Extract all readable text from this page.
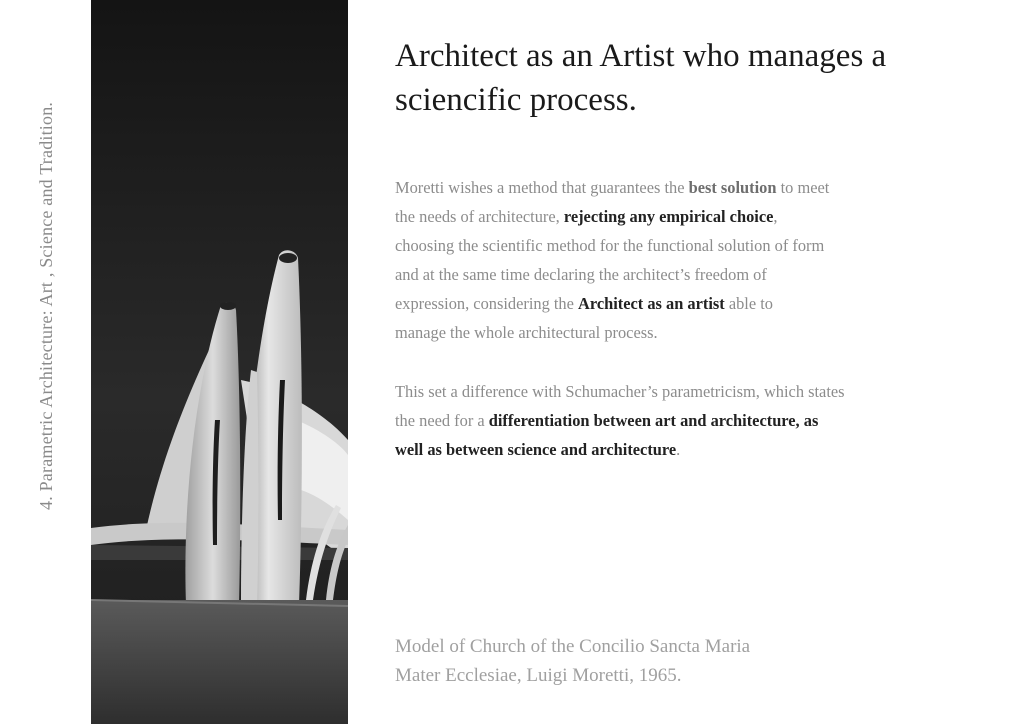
4. Parametric Architecture: Art , Science and Tradition.
Architect as an Artist who manages a
sciencific process.

Moretti wishes a method that guarantees the best solution to meet
the needs of architecture, rejecting any empirical choice,
choosing the scientific method for the functional solution of form
and at the same time declaring the architect’s freedom of
expression, considering the Architect as an artist able to
manage the whole architectural process.

This set a difference with Schumacher’s parametricism, which states
the need for a differentiation between art and architecture, as
well as between science and architecture.

Model of Church of the Concilio Sancta Maria
Mater Ecclesiae, Luigi Moretti, 1965.
